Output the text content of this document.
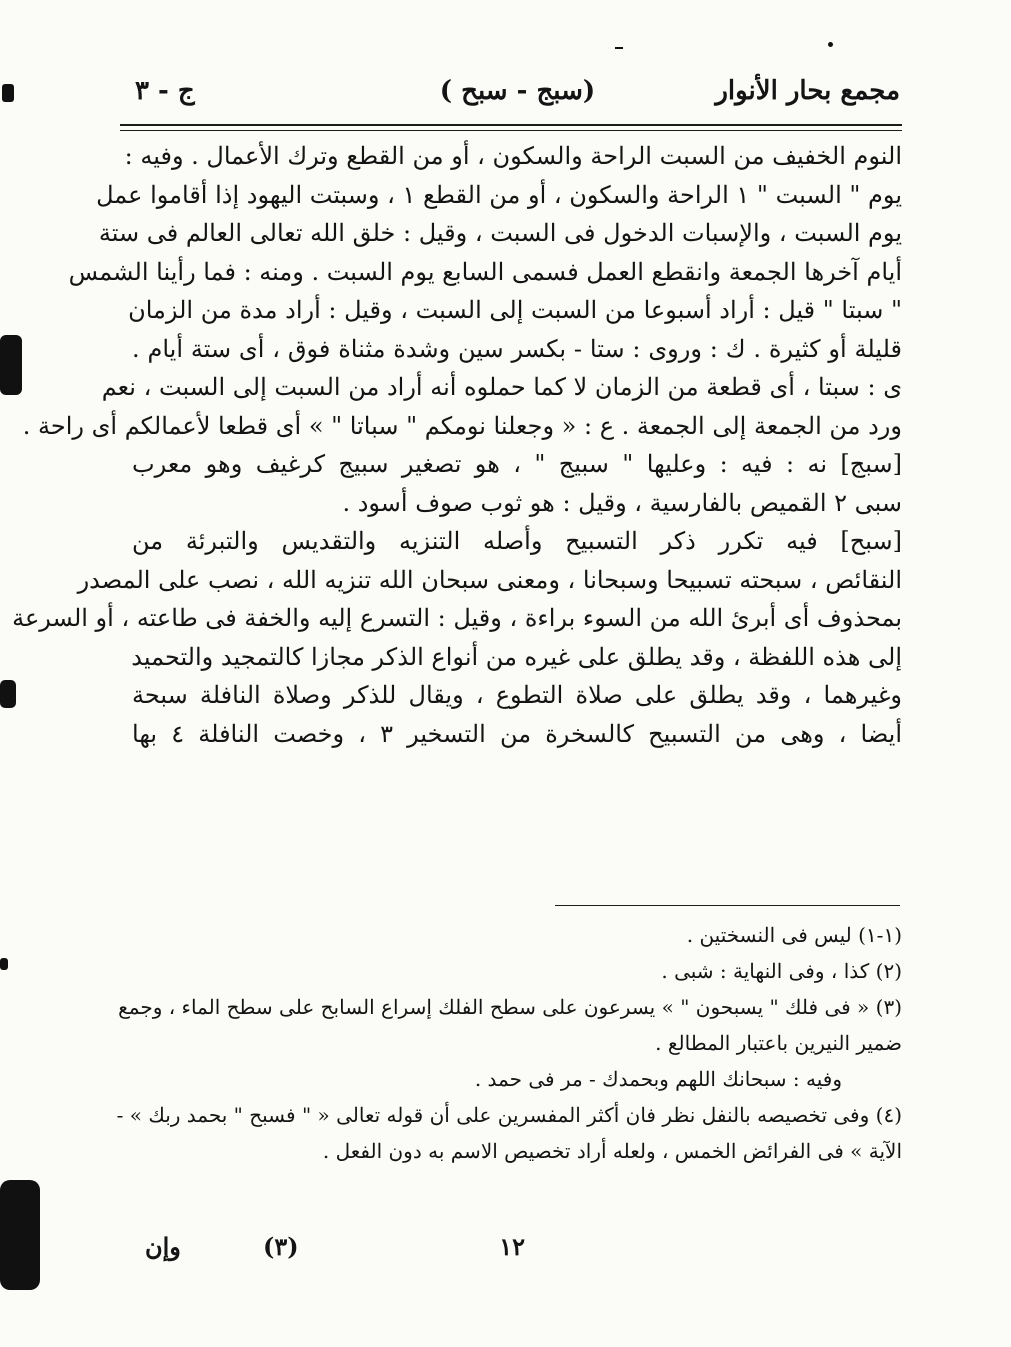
مجمع بحار الأنوار
(سبج - سبح )
ج - ٣
النوم الخفيف من السبت الراحة والسكون ، أو من القطع وترك الأعمال . وفيه :
يوم " السبت " ١ الراحة والسكون ، أو من القطع ١ ، وسبتت اليهود إذا أقاموا عمل
يوم السبت ، والإسبات الدخول فى السبت ، وقيل : خلق الله تعالى العالم فى ستة
أيام آخرها الجمعة وانقطع العمل فسمى السابع يوم السبت . ومنه : فما رأينا الشمس
" سبتا " قيل : أراد أسبوعا من السبت إلى السبت ، وقيل : أراد مدة من الزمان
قليلة أو كثيرة . ك : وروى : ستا - بكسر سين وشدة مثناة فوق ، أى ستة أيام .
ى : سبتا ، أى قطعة من الزمان لا كما حملوه أنه أراد من السبت إلى السبت ، نعم
ورد من الجمعة إلى الجمعة . ع : « وجعلنا نومكم " سباتا " » أى قطعا لأعمالكم أى راحة .
[سبج] نه : فيه : وعليها " سبيج " ، هو تصغير سبيج كرغيف وهو معرب
سبى ٢ القميص بالفارسية ، وقيل : هو ثوب صوف أسود .
[سبح] فيه تكرر ذكر التسبيح وأصله التنزيه والتقديس والتبرئة من
النقائص ، سبحته تسبيحا وسبحانا ، ومعنى سبحان الله تنزيه الله ، نصب على المصدر
بمحذوف أى أبرئ الله من السوء براءة ، وقيل : التسرع إليه والخفة فى طاعته ، أو السرعة
إلى هذه اللفظة ، وقد يطلق على غيره من أنواع الذكر مجازا كالتمجيد والتحميد
وغيرهما ، وقد يطلق على صلاة التطوع ، ويقال للذكر وصلاة النافلة سبحة
أيضا ، وهى من التسبيح كالسخرة من التسخير ٣ ، وخصت النافلة ٤ بها
(١-١) ليس فى النسختين .
(٢) كذا ، وفى النهاية : شبى .
(٣) « فى فلك " يسبحون " » يسرعون على سطح الفلك إسراع السابح على سطح الماء ، وجمع
ضمير النيرين باعتبار المطالع .
وفيه : سبحانك اللهم وبحمدك - مر فى حمد .
(٤) وفى تخصيصه بالنفل نظر فان أكثر المفسرين على أن قوله تعالى « " فسبح " بحمد ربك » -
الآية » فى الفرائض الخمس ، ولعله أراد تخصيص الاسم به دون الفعل .
١٢
(٣)
وإن
